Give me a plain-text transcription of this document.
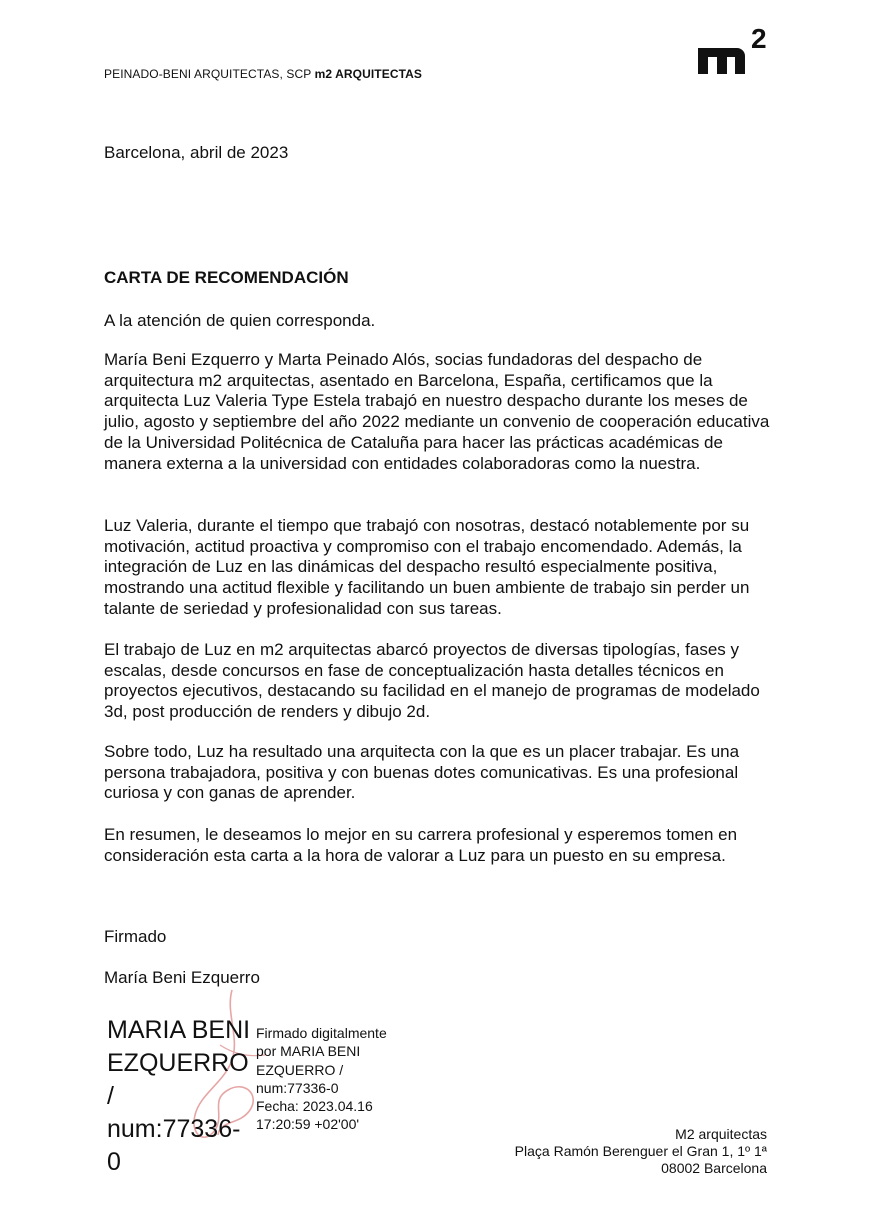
PEINADO-BENI ARQUITECTAS, SCP m2 ARQUITECTAS
2

Barcelona, abril de 2023

CARTA DE RECOMENDACIÓN

A la atención de quien corresponda.

María Beni Ezquerro y Marta Peinado Alós, socias fundadoras del despacho de arquitectura m2 arquitectas, asentado en Barcelona, España, certificamos que la arquitecta Luz Valeria Type Estela trabajó en nuestro despacho durante los meses de julio, agosto y septiembre del año 2022 mediante un convenio de cooperación educativa de la Universidad Politécnica de Cataluña para hacer las prácticas académicas de manera externa a la universidad con entidades colaboradoras como la nuestra.

Luz Valeria, durante el tiempo que trabajó con nosotras, destacó notablemente por su motivación, actitud proactiva y compromiso con el trabajo encomendado. Además, la integración de Luz en las dinámicas del despacho resultó especialmente positiva, mostrando una actitud flexible y facilitando un buen ambiente de trabajo sin perder un talante de seriedad y profesionalidad con sus tareas.

El trabajo de Luz en m2 arquitectas abarcó proyectos de diversas tipologías, fases y escalas, desde concursos en fase de conceptualización hasta detalles técnicos en proyectos ejecutivos, destacando su facilidad en el manejo de programas de modelado 3d, post producción de renders y dibujo 2d.

Sobre todo, Luz ha resultado una arquitecta con la que es un placer trabajar. Es una persona trabajadora, positiva y con buenas dotes comunicativas. Es una profesional curiosa y con ganas de aprender.

En resumen, le deseamos lo mejor en su carrera profesional y esperemos tomen en consideración esta carta a la hora de valorar a Luz para un puesto en su empresa.

Firmado

María Beni Ezquerro

MARIA BENI
EZQUERRO /
num:77336-
0
Firmado digitalmente
por MARIA BENI
EZQUERRO /
num:77336-0
Fecha: 2023.04.16
17:20:59 +02'00'
M2 arquitectas
Plaça Ramón Berenguer el Gran 1, 1º 1ª
08002 Barcelona
